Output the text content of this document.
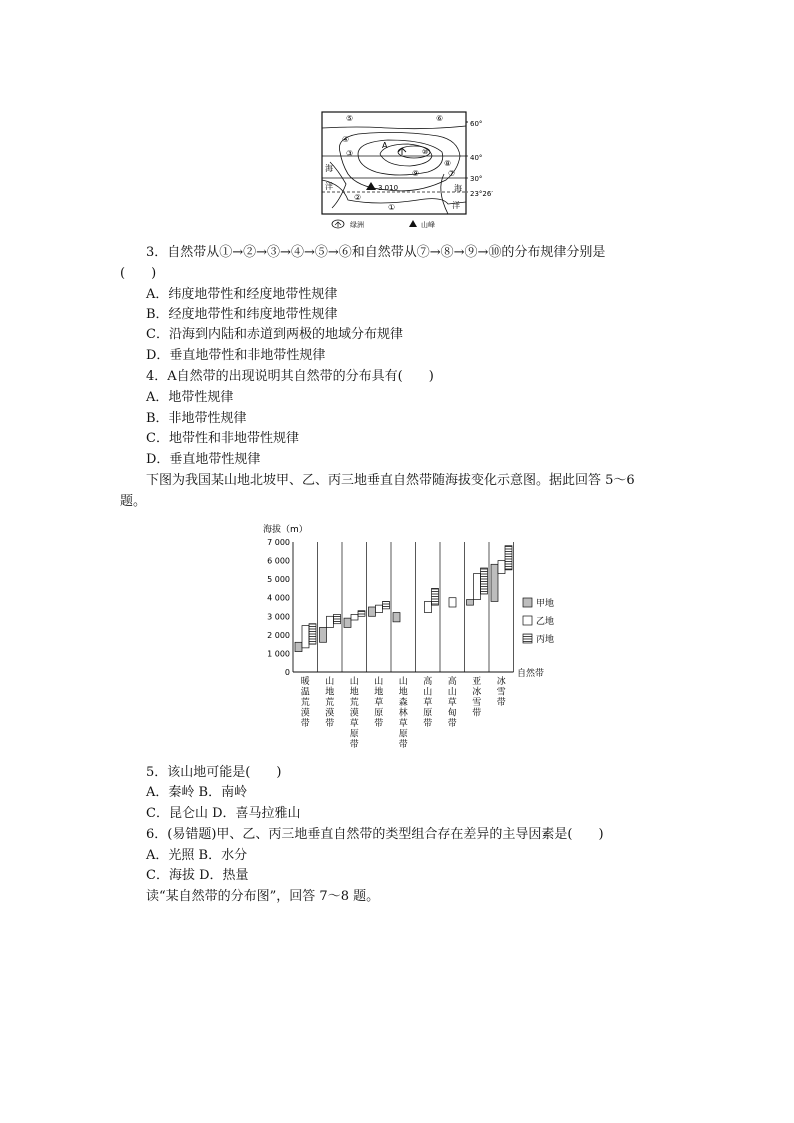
⑤	⑥
④
③
A
⑩
⑧
⑦
⑨
②
①
海
洋	海
洋
3 010
60°
40°
30°
23°26′
绿洲	山峰
3．自然带从①→②→③→④→⑤→⑥和自然带从⑦→⑧→⑨→⑩的分布规律分别是
(　　)
A．纬度地带性和经度地带性规律
B．经度地带性和纬度地带性规律
C．沿海到内陆和赤道到两极的地域分布规律
D．垂直地带性和非地带性规律
4．A自然带的出现说明其自然带的分布具有(　　)
A．地带性规律
B．非地带性规律
C．地带性和非地带性规律
D．垂直地带性规律
下图为我国某山地北坡甲、乙、丙三地垂直自然带随海拔变化示意图。据此回答 5～6
题。
海拔（m）
7 000
6 000
5 000
4 000
3 000
2 000
1 000
0
暖温荒漠带
山地荒漠带
山地荒漠草原带
山地草原带
山地森林草原带
高山草原带
高山草甸带
亚冰雪带
冰雪带
自然带
甲地
乙地
丙地
5．该山地可能是(　　)
A．秦岭 B．南岭
C．昆仑山 D．喜马拉雅山
6．(易错题)甲、乙、丙三地垂直自然带的类型组合存在差异的主导因素是(　　)
A．光照 B．水分
C．海拔 D．热量
读“某自然带的分布图”，回答 7～8 题。
